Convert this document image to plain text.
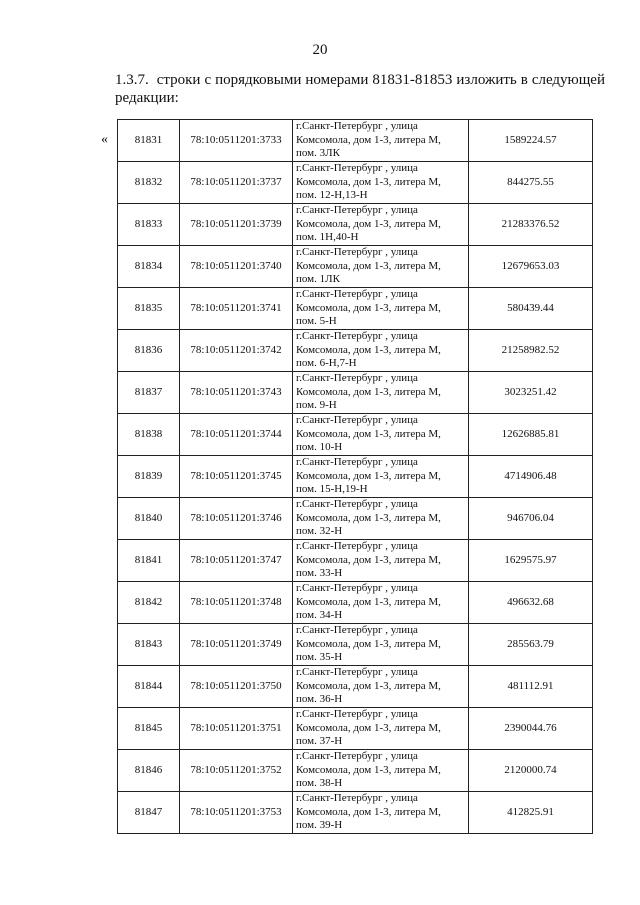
20
1.3.7. строки с порядковыми номерами 81831-81853 изложить в следующей редакции:
« 81831	78:10:0511201:3733	г.Санкт-Петербург , улица
Комсомола, дом 1-3, литера М,
пом. 3ЛК	1589224.57
81832	78:10:0511201:3737	г.Санкт-Петербург , улица
Комсомола, дом 1-3, литера М,
пом. 12-Н,13-Н	844275.55
81833	78:10:0511201:3739	г.Санкт-Петербург , улица
Комсомола, дом 1-3, литера М,
пом. 1Н,40-Н	21283376.52
81834	78:10:0511201:3740	г.Санкт-Петербург , улица
Комсомола, дом 1-3, литера М,
пом. 1ЛК	12679653.03
81835	78:10:0511201:3741	г.Санкт-Петербург , улица
Комсомола, дом 1-3, литера М,
пом. 5-Н	580439.44
81836	78:10:0511201:3742	г.Санкт-Петербург , улица
Комсомола, дом 1-3, литера М,
пом. 6-Н,7-Н	21258982.52
81837	78:10:0511201:3743	г.Санкт-Петербург , улица
Комсомола, дом 1-3, литера М,
пом. 9-Н	3023251.42
81838	78:10:0511201:3744	г.Санкт-Петербург , улица
Комсомола, дом 1-3, литера М,
пом. 10-Н	12626885.81
81839	78:10:0511201:3745	г.Санкт-Петербург , улица
Комсомола, дом 1-3, литера М,
пом. 15-Н,19-Н	4714906.48
81840	78:10:0511201:3746	г.Санкт-Петербург , улица
Комсомола, дом 1-3, литера М,
пом. 32-Н	946706.04
81841	78:10:0511201:3747	г.Санкт-Петербург , улица
Комсомола, дом 1-3, литера М,
пом. 33-Н	1629575.97
81842	78:10:0511201:3748	г.Санкт-Петербург , улица
Комсомола, дом 1-3, литера М,
пом. 34-Н	496632.68
81843	78:10:0511201:3749	г.Санкт-Петербург , улица
Комсомола, дом 1-3, литера М,
пом. 35-Н	285563.79
81844	78:10:0511201:3750	г.Санкт-Петербург , улица
Комсомола, дом 1-3, литера М,
пом. 36-Н	481112.91
81845	78:10:0511201:3751	г.Санкт-Петербург , улица
Комсомола, дом 1-3, литера М,
пом. 37-Н	2390044.76
81846	78:10:0511201:3752	г.Санкт-Петербург , улица
Комсомола, дом 1-3, литера М,
пом. 38-Н	2120000.74
81847	78:10:0511201:3753	г.Санкт-Петербург , улица
Комсомола, дом 1-3, литера М,
пом. 39-Н	412825.91
